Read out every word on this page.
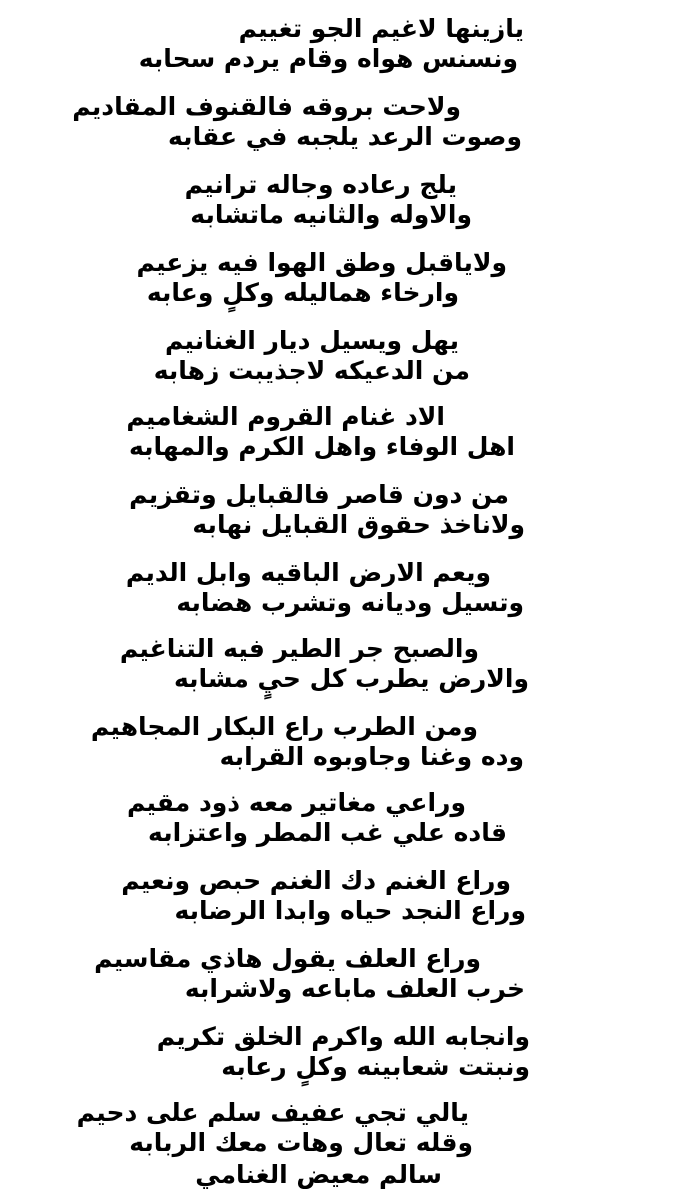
يازينها لاغيم الجو تغييم
ونسنس هواه وقام يردم سحابه
ولاحت بروقه فالقنوف المقاديم
وصوت الرعد يلجبه في عقابه
يلج رعاده وجاله ترانيم
والاوله والثانيه ماتشابه
ولاياقبل وطق الهوا فيه يزعيم
وارخاء هماليله وكلٍ وعابه
يهل ويسيل ديار الغنانيم
من الدعيكه لاجذيبت زهابه
الاد غنام القروم الشغاميم
اهل الوفاء واهل الكرم والمهابه
من دون قاصر فالقبايل وتقزيم
ولاناخذ حقوق القبايل نهابه
ويعم الارض الباقيه وابل الديم
وتسيل وديانه وتشرب هضابه
والصبح جر الطير فيه التناغيم
والارض يطرب كل حيٍ مشابه
ومن الطرب راع البكار المجاهيم
وده وغنا وجاوبوه القرابه
وراعي مغاتير معه ذود مقيم
قاده علي غب المطر واعتزابه
وراع الغنم دك الغنم حبص ونعيم
وراع النجد حياه وابدا الرضابه
وراع العلف يقول هاذي مقاسيم
خرب العلف ماباعه ولاشرابه
وانجابه الله واكرم الخلق تكريم
ونبتت شعابينه وكلٍ رعابه
يالي تجي عفيف سلم على دحيم
وقله تعال وهات معك الربابه
سالم معيض الغنامي
